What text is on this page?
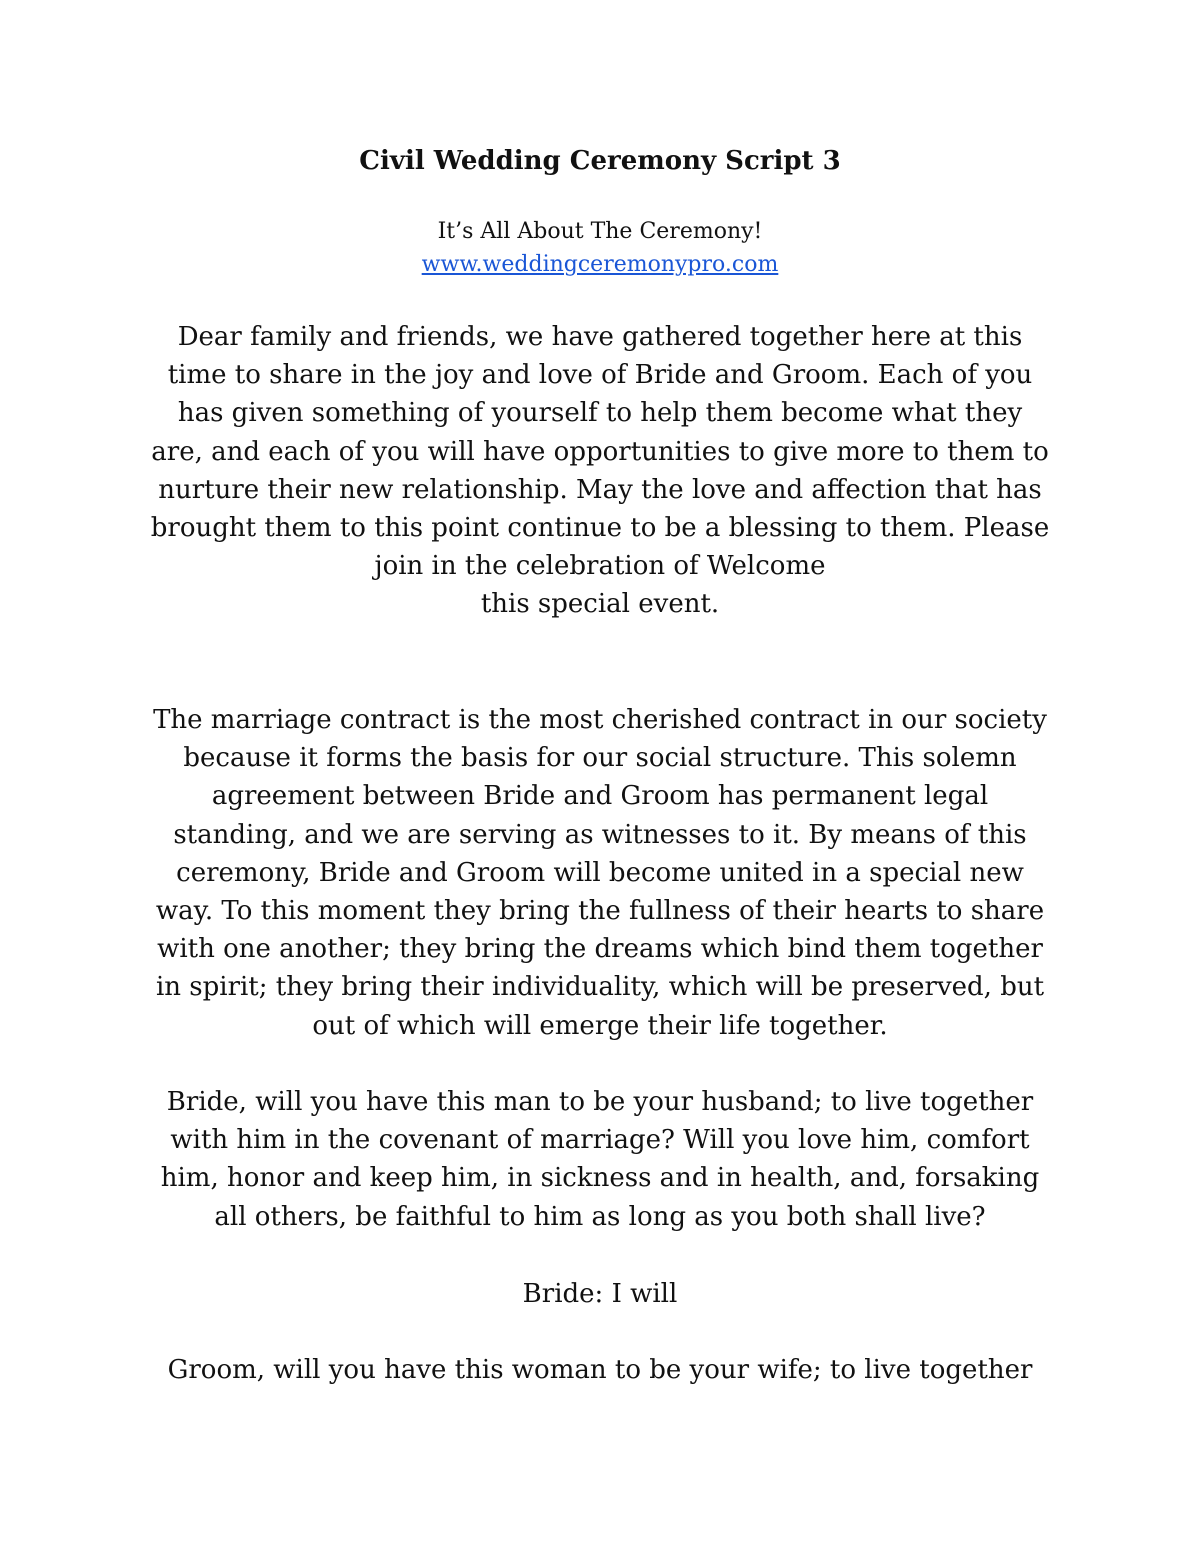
Civil Wedding Ceremony Script 3
It’s All About The Ceremony!
www.weddingceremonypro.com
Dear family and friends, we have gathered together here at this
time to share in the joy and love of Bride and Groom. Each of you
has given something of yourself to help them become what they
are, and each of you will have opportunities to give more to them to
nurture their new relationship. May the love and affection that has
brought them to this point continue to be a blessing to them. Please
join in the celebration of Welcome
this special event.
The marriage contract is the most cherished contract in our society
because it forms the basis for our social structure. This solemn
agreement between Bride and Groom has permanent legal
standing, and we are serving as witnesses to it. By means of this
ceremony, Bride and Groom will become united in a special new
way. To this moment they bring the fullness of their hearts to share
with one another; they bring the dreams which bind them together
in spirit; they bring their individuality, which will be preserved, but
out of which will emerge their life together.
Bride, will you have this man to be your husband; to live together
with him in the covenant of marriage? Will you love him, comfort
him, honor and keep him, in sickness and in health, and, forsaking
all others, be faithful to him as long as you both shall live?
Bride: I will
Groom, will you have this woman to be your wife; to live together
